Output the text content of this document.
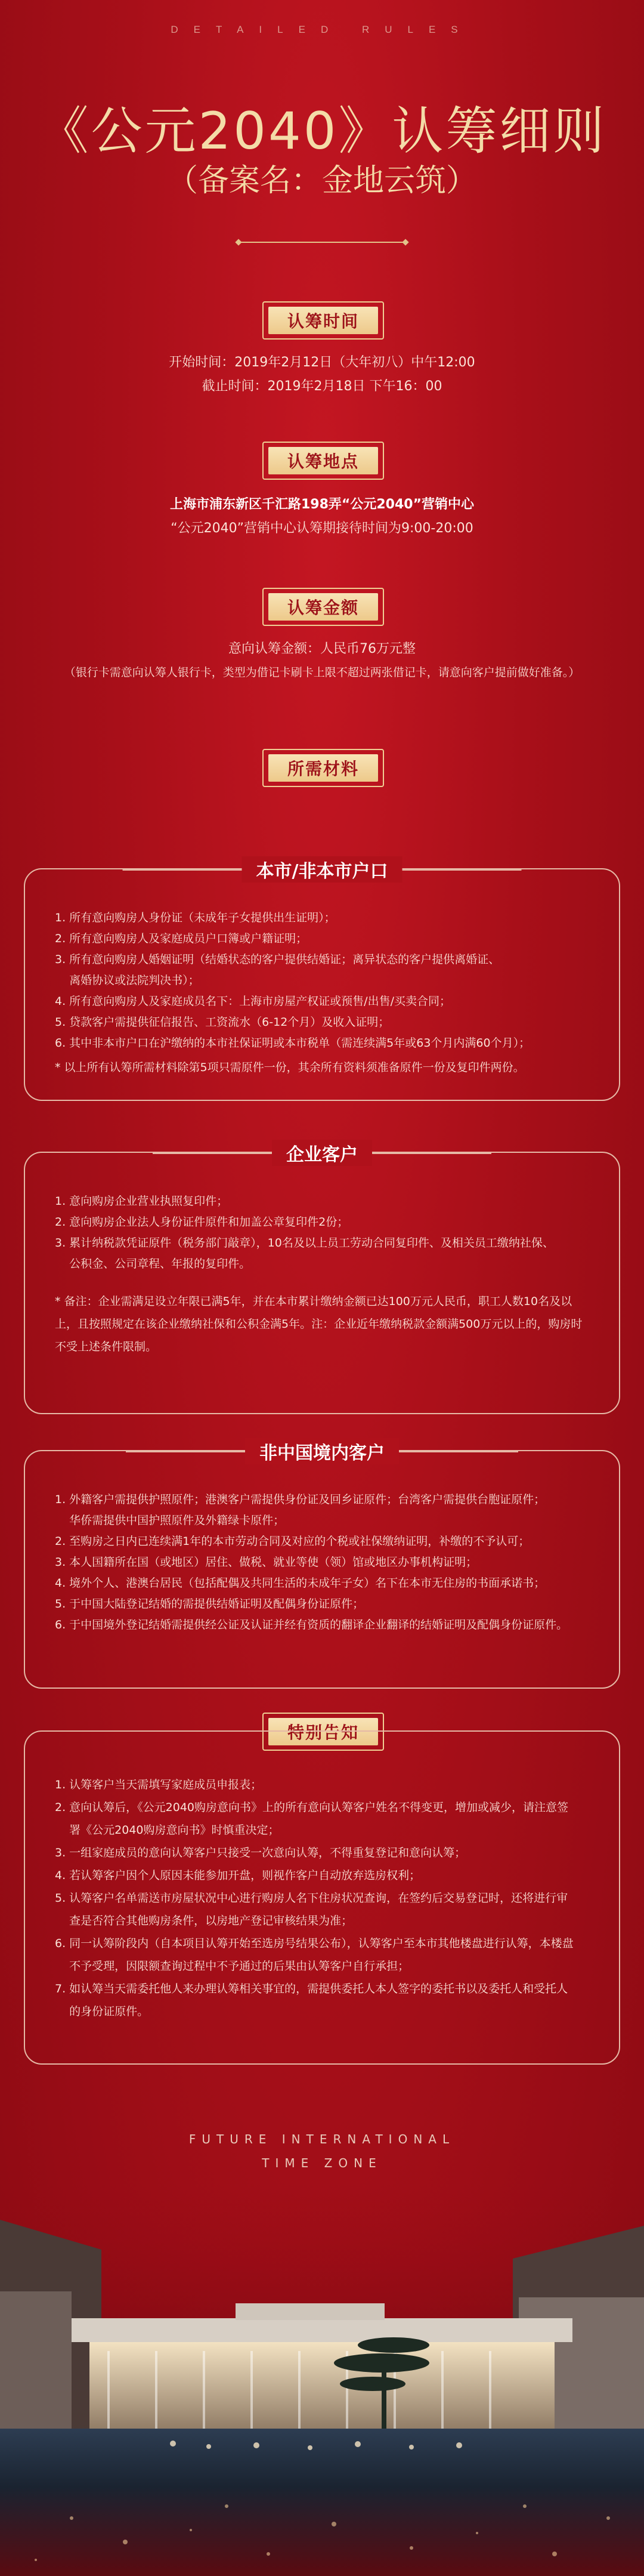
DETAILED RULES
《公元2040》认筹细则
（备案名：金地云筑）
认筹时间
开始时间：2019年2月12日（大年初八）中午12:00
截止时间：2019年2月18日 下午16：00
认筹地点
上海市浦东新区千汇路198弄“公元2040”营销中心
“公元2040”营销中心认筹期接待时间为9:00-20:00
认筹金额
意向认筹金额：人民币76万元整
（银行卡需意向认筹人银行卡，类型为借记卡刷卡上限不超过两张借记卡，请意向客户提前做好准备。）
所需材料
本市/非本市户口
1. 所有意向购房人身份证（未成年子女提供出生证明）；
2. 所有意向购房人及家庭成员户口簿或户籍证明；
3. 所有意向购房人婚姻证明（结婚状态的客户提供结婚证；离异状态的客户提供离婚证、
离婚协议或法院判决书）；
4. 所有意向购房人及家庭成员名下：上海市房屋产权证或预售/出售/买卖合同；
5. 贷款客户需提供征信报告、工资流水（6-12个月）及收入证明；
6. 其中非本市户口在沪缴纳的本市社保证明或本市税单（需连续满5年或63个月内满60个月）；
* 以上所有认筹所需材料除第5项只需原件一份，其余所有资料须准备原件一份及复印件两份。
企业客户
1. 意向购房企业营业执照复印件；
2. 意向购房企业法人身份证件原件和加盖公章复印件2份；
3. 累计纳税款凭证原件（税务部门敲章），10名及以上员工劳动合同复印件、及相关员工缴纳社保、
公积金、公司章程、年报的复印件。
* 备注：企业需满足设立年限已满5年，并在本市累计缴纳金额已达100万元人民币，职工人数10名及以上，且按照规定在该企业缴纳社保和公积金满5年。注：企业近年缴纳税款金额满500万元以上的，购房时不受上述条件限制。
非中国境内客户
1. 外籍客户需提供护照原件；港澳客户需提供身份证及回乡证原件；台湾客户需提供台胞证原件；
华侨需提供中国护照原件及外籍绿卡原件；
2. 至购房之日内已连续满1年的本市劳动合同及对应的个税或社保缴纳证明，补缴的不予认可；
3. 本人国籍所在国（或地区）居住、做税、就业等使（领）馆或地区办事机构证明；
4. 境外个人、港澳台居民（包括配偶及共同生活的未成年子女）名下在本市无住房的书面承诺书；
5. 于中国大陆登记结婚的需提供结婚证明及配偶身份证原件；
6. 于中国境外登记结婚需提供经公证及认证并经有资质的翻译企业翻译的结婚证明及配偶身份证原件。
特别告知
1. 认筹客户当天需填写家庭成员申报表；
2. 意向认筹后，《公元2040购房意向书》上的所有意向认筹客户姓名不得变更，增加或减少，请注意签
署《公元2040购房意向书》时慎重决定；
3. 一组家庭成员的意向认筹客户只接受一次意向认筹，不得重复登记和意向认筹；
4. 若认筹客户因个人原因未能参加开盘，则视作客户自动放弃选房权利；
5. 认筹客户名单需送市房屋状况中心进行购房人名下住房状况查询，在签约后交易登记时，还将进行审
查是否符合其他购房条件，以房地产登记审核结果为准；
6. 同一认筹阶段内（自本项目认筹开始至选房号结果公布），认筹客户至本市其他楼盘进行认筹，本楼盘
不予受理，因限额查询过程中不予通过的后果由认筹客户自行承担；
7. 如认筹当天需委托他人来办理认筹相关事宜的，需提供委托人本人签字的委托书以及委托人和受托人
的身份证原件。
FUTURE INTERNATIONAL
TIME ZONE
